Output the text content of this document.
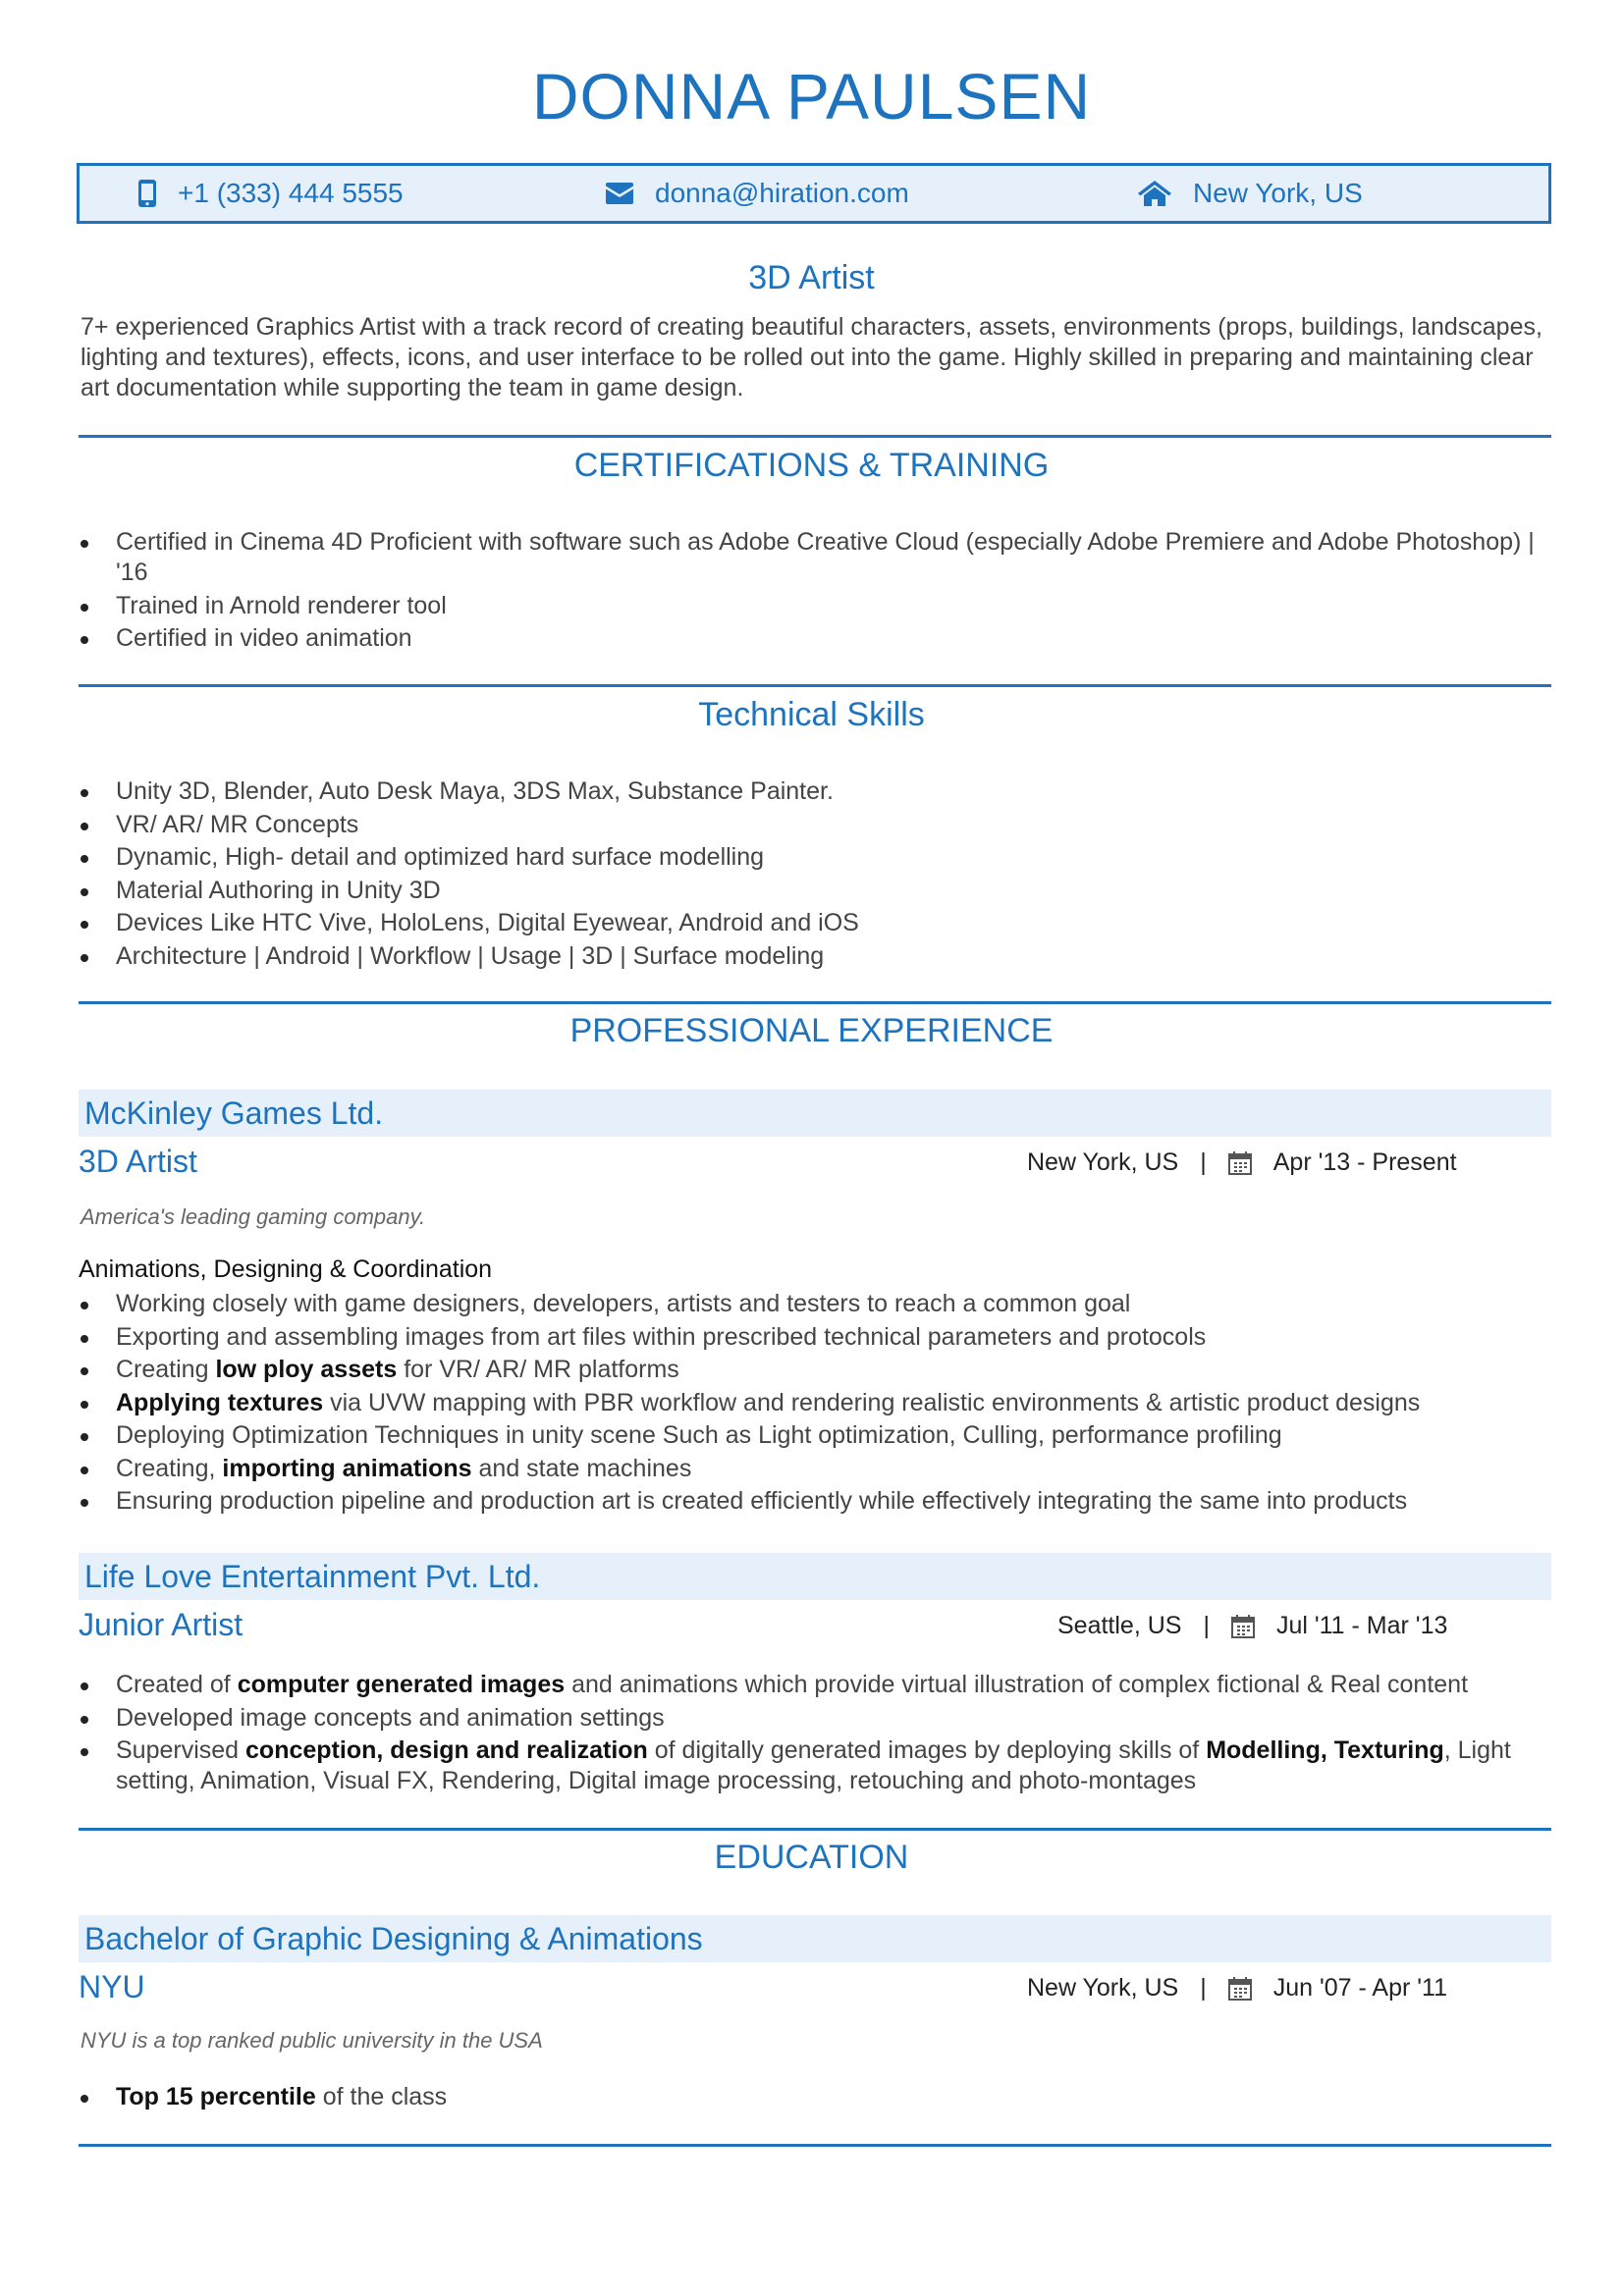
DONNA PAULSEN
+1 (333) 444 5555	donna@hiration.com	New York, US
3D Artist
7+ experienced Graphics Artist with a track record of creating beautiful characters, assets, environments (props, buildings, landscapes, lighting and textures), effects, icons, and user interface to be rolled out into the game. Highly skilled in preparing and maintaining clear art documentation while supporting the team in game design.
CERTIFICATIONS & TRAINING
Certified in Cinema 4D Proficient with software such as Adobe Creative Cloud (especially Adobe Premiere and Adobe Photoshop) | '16
Trained in Arnold renderer tool
Certified in video animation
Technical Skills
Unity 3D, Blender, Auto Desk Maya, 3DS Max, Substance Painter.
VR/ AR/ MR Concepts
Dynamic, High- detail and optimized hard surface modelling
Material Authoring in Unity 3D
Devices Like HTC Vive, HoloLens, Digital Eyewear, Android and iOS
Architecture | Android | Workflow | Usage | 3D | Surface modeling
PROFESSIONAL EXPERIENCE
McKinley Games Ltd.
3D Artist	New York, US |	Apr '13 - Present
America's leading gaming company.
Animations, Designing & Coordination
Working closely with game designers, developers, artists and testers to reach a common goal
Exporting and assembling images from art files within prescribed technical parameters and protocols
Creating low ploy assets for VR/ AR/ MR platforms
Applying textures via UVW mapping with PBR workflow and rendering realistic environments & artistic product designs
Deploying Optimization Techniques in unity scene Such as Light optimization, Culling, performance profiling
Creating, importing animations and state machines
Ensuring production pipeline and production art is created efficiently while effectively integrating the same into products
Life Love Entertainment Pvt. Ltd.
Junior Artist	Seattle, US |	Jul '11 - Mar '13
Created of computer generated images and animations which provide virtual illustration of complex fictional & Real content
Developed image concepts and animation settings
Supervised conception, design and realization of digitally generated images by deploying skills of Modelling, Texturing, Light setting, Animation, Visual FX, Rendering, Digital image processing, retouching and photo-montages
EDUCATION
Bachelor of Graphic Designing & Animations
NYU	New York, US |	Jun '07 - Apr '11
NYU is a top ranked public university in the USA
Top 15 percentile of the class
